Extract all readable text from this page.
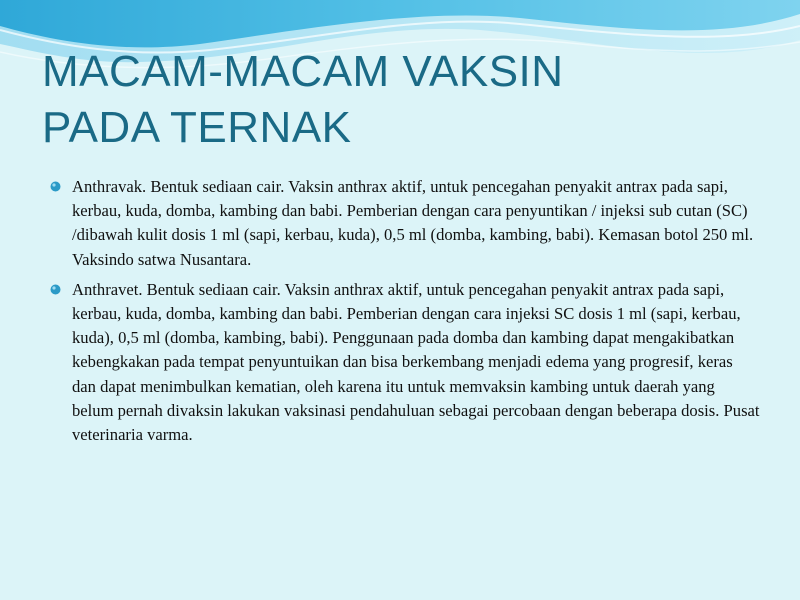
MACAM-MACAM VAKSIN
PADA TERNAK
Anthravak. Bentuk sediaan cair. Vaksin anthrax aktif, untuk pencegahan penyakit antrax pada sapi, kerbau, kuda, domba, kambing dan babi. Pemberian dengan cara penyuntikan / injeksi sub cutan (SC) /dibawah kulit dosis 1 ml (sapi, kerbau, kuda), 0,5 ml (domba, kambing, babi). Kemasan botol 250 ml. Vaksindo satwa Nusantara.
Anthravet. Bentuk sediaan cair. Vaksin anthrax aktif, untuk pencegahan penyakit antrax pada sapi, kerbau, kuda, domba, kambing dan babi. Pemberian dengan cara injeksi SC dosis 1 ml (sapi, kerbau, kuda), 0,5 ml (domba, kambing, babi). Penggunaan pada domba dan kambing dapat mengakibatkan kebengkakan pada tempat penyuntuikan dan bisa berkembang menjadi edema yang progresif, keras dan dapat menimbulkan kematian, oleh karena itu untuk memvaksin kambing untuk daerah yang belum pernah divaksin lakukan vaksinasi pendahuluan sebagai percobaan dengan beberapa dosis. Pusat veterinaria varma.
